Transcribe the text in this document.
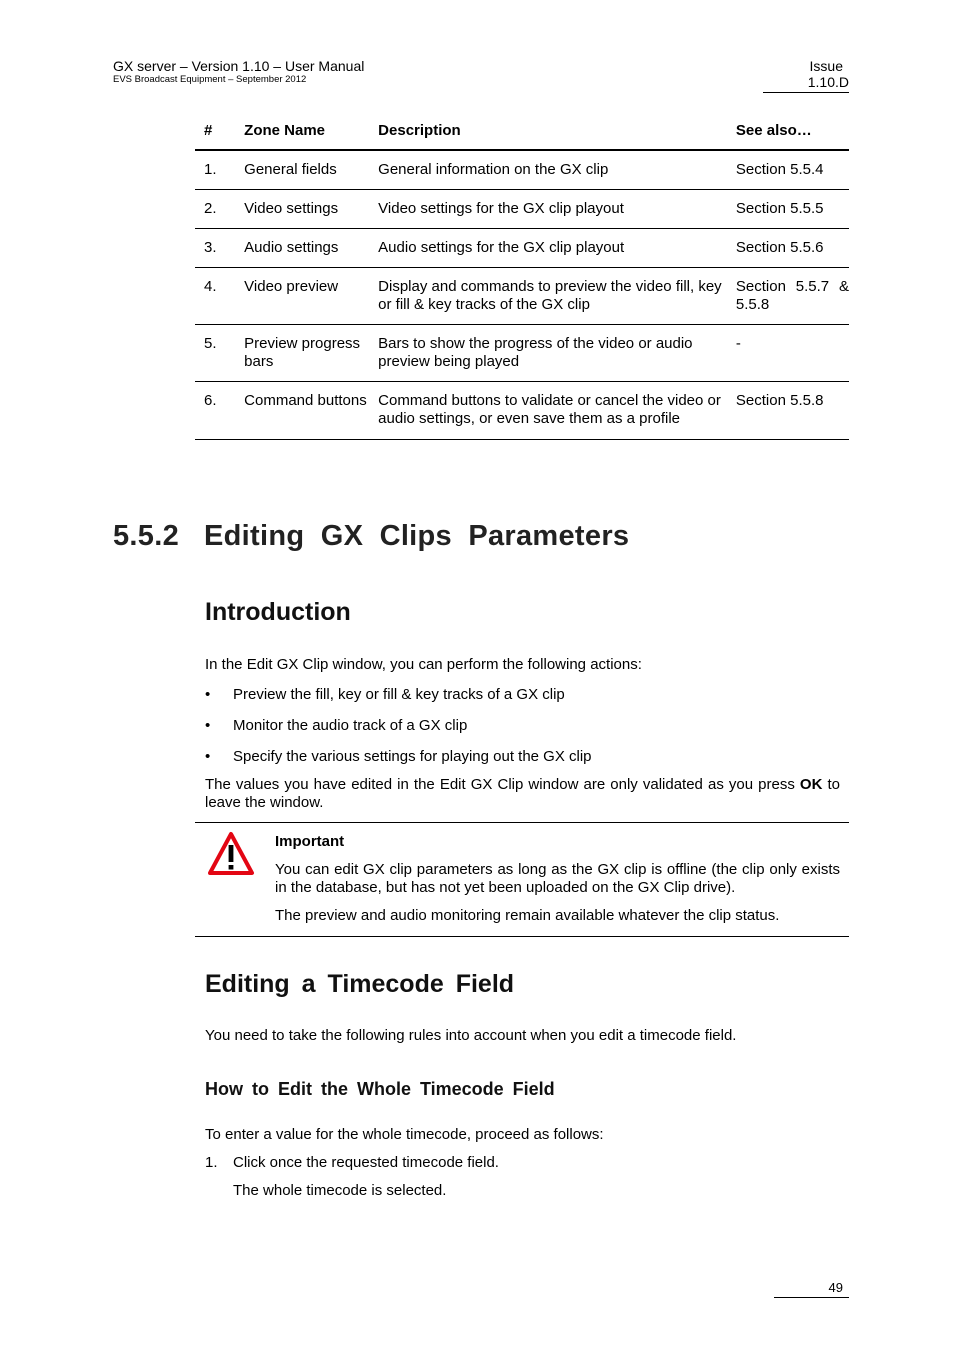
GX server – Version 1.10 – User Manual
EVS Broadcast Equipment – September 2012
Issue
1.10.D
#	Zone Name	Description	See also…
1.	General fields	General information on the GX clip	Section 5.5.4
2.	Video settings	Video settings for the GX clip playout	Section 5.5.5
3.	Audio settings	Audio settings for the GX clip playout	Section 5.5.6
4.	Video preview	Display and commands to preview the video fill, key or fill & key tracks of the GX clip	Section 5.5.7 & 5.5.8
5.	Preview progress bars	Bars to show the progress of the video or audio preview being played	-
6.	Command buttons	Command buttons to validate or cancel the video or audio settings, or even save them as a profile	Section 5.5.8
5.5.2 Editing GX Clips Parameters
Introduction
In the Edit GX Clip window, you can perform the following actions:
• Preview the fill, key or fill & key tracks of a GX clip
• Monitor the audio track of a GX clip
• Specify the various settings for playing out the GX clip
The values you have edited in the Edit GX Clip window are only validated as you press OK to leave the window.
Important
You can edit GX clip parameters as long as the GX clip is offline (the clip only exists in the database, but has not yet been uploaded on the GX Clip drive).
The preview and audio monitoring remain available whatever the clip status.
Editing a Timecode Field
You need to take the following rules into account when you edit a timecode field.
How to Edit the Whole Timecode Field
To enter a value for the whole timecode, proceed as follows:
1. Click once the requested timecode field.
The whole timecode is selected.
49
